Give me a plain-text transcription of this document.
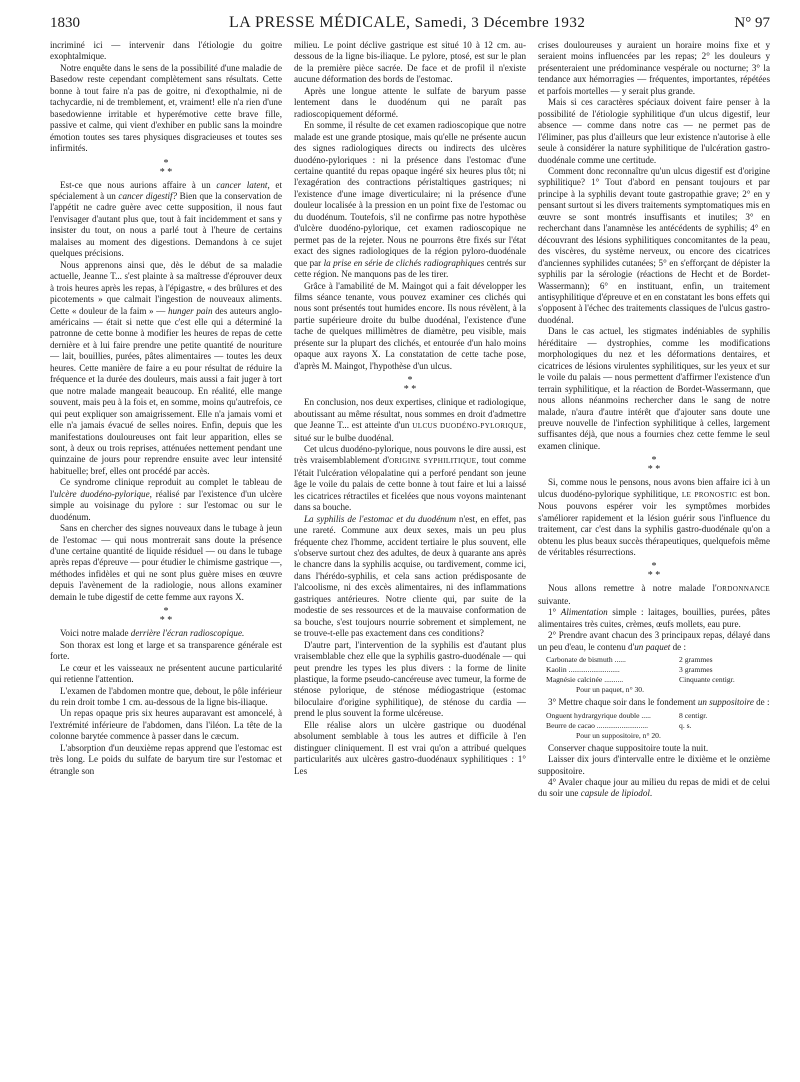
1830	LA PRESSE MÉDICALE, Samedi, 3 Décembre 1932	N° 97

incriminé ici — intervenir dans l'étiologie du goitre exophtalmique.

Notre enquête dans le sens de la possibilité d'une maladie de Basedow reste cependant complètement sans résultats. Cette bonne à tout faire n'a pas de goitre, ni d'exopthalmie, ni de tachycardie, ni de tremblement, et, vraiment! elle n'a rien d'une basedowienne irritable et hyperémotive cette brave fille, passive et calme, qui vient d'exhiber en public sans la moindre émotion toutes ses tares physiques disgracieuses et toutes ses infirmités.

*
* *

Est-ce que nous aurions affaire à un cancer latent, et spécialement à un cancer digestif? Bien que la conservation de l'appétit ne cadre guère avec cette supposition, il nous faut l'envisager d'autant plus que, tout à fait incidemment et sans y insister du tout, on nous a parlé tout à l'heure de certains malaises au moment des digestions. Demandons à ce sujet quelques précisions.

Nous apprenons ainsi que, dès le début de sa maladie actuelle, Jeanne T... s'est plainte à sa maîtresse d'éprouver deux à trois heures après les repas, à l'épigastre, « des brûlures et des picotements » que calmait l'ingestion de nouveaux aliments. Cette « douleur de la faim » — hunger pain des auteurs anglo-américains — était si nette que c'est elle qui a déterminé la patronne de cette bonne à modifier les heures de repas de cette dernière et à lui faire prendre une petite quantité de nouriture — lait, bouillies, purées, pâtes alimentaires — toutes les deux heures. Cette manière de faire a eu pour résultat de réduire la fréquence et la durée des douleurs, mais aussi a fait juger à tort que notre malade mangeait beaucoup. En réalité, elle mange souvent, mais peu à la fois et, en somme, moins qu'autrefois, ce qui peut expliquer son amaigrissement. Elle n'a jamais vomi et elle n'a jamais évacué de selles noires. Enfin, depuis que les manifestations douloureuses ont fait leur apparition, elles se sont, à deux ou trois reprises, atténuées nettement pendant une quinzaine de jours pour reprendre ensuite avec leur intensité habituelle; bref, elles ont procédé par accès.

Ce syndrome clinique reproduit au complet le tableau de l'ulcère duodéno-pylorique, réalisé par l'existence d'un ulcère simple au voisinage du pylore : sur l'estomac ou sur le duodénum.

Sans en chercher des signes nouveaux dans le tubage à jeun de l'estomac — qui nous montrerait sans doute la présence d'une certaine quantité de liquide résiduel — ou dans le tubage après repas d'épreuve — pour étudier le chimisme gastrique —, méthodes infidèles et qui ne sont plus guère mises en œuvre depuis l'avènement de la radiologie, nous allons examiner demain le tube digestif de cette femme aux rayons X.

*
* *

Voici notre malade derrière l'écran radioscopique.

Son thorax est long et large et sa transparence générale est forte.

Le cœur et les vaisseaux ne présentent aucune particularité qui retienne l'attention.

L'examen de l'abdomen montre que, debout, le pôle inférieur du rein droit tombe 1 cm. au-dessous de la ligne bis-iliaque.

Un repas opaque pris six heures auparavant est amoncelé, à l'extrémité inférieure de l'abdomen, dans l'iléon. La tête de la colonne barytée commence à passer dans le cæcum.

L'absorption d'un deuxième repas apprend que l'estomac est très long. Le poids du sulfate de baryum tire sur l'estomac et étrangle son

milieu. Le point déclive gastrique est situé 10 à 12 cm. au-dessous de la ligne bis-iliaque. Le pylore, ptosé, est sur le plan de la première pièce sacrée. De face et de profil il n'existe aucune déformation des bords de l'estomac.

Après une longue attente le sulfate de baryum passe lentement dans le duodénum qui ne paraît pas radioscopiquement déformé.

En somme, il résulte de cet examen radioscopique que notre malade est une grande ptosique, mais qu'elle ne présente aucun des signes radiologiques directs ou indirects des ulcères duodéno-pyloriques : ni la présence dans l'estomac d'une certaine quantité du repas opaque ingéré six heures plus tôt; ni l'exagération des contractions péristaltiques gastriques; ni l'existence d'une image diverticulaire; ni la présence d'une douleur localisée à la pression en un point fixe de l'estomac ou du duodénum. Toutefois, s'il ne confirme pas notre hypothèse d'ulcère duodéno-pylorique, cet examen radioscopique ne permet pas de la rejeter. Nous ne pourrons être fixés sur l'état exact des signes radiologiques de la région pyloro-duodénale que par la prise en série de clichés radiographiques centrés sur cette région. Ne manquons pas de les tirer.

Grâce à l'amabilité de M. Maingot qui a fait développer les films séance tenante, vous pouvez examiner ces clichés qui nous sont présentés tout humides encore. Ils nous révèlent, à la partie supérieure droite du bulbe duodénal, l'existence d'une tache de quelques millimètres de diamètre, peu visible, mais présente sur la plupart des clichés, et entourée d'un halo moins opaque aux rayons X. La constatation de cette tache pose, d'après M. Maingot, l'hypothèse d'un ulcus.

*
* *

En conclusion, nos deux expertises, clinique et radiologique, aboutissant au même résultat, nous sommes en droit d'admettre que Jeanne T... est atteinte d'un ULCUS DUODÉNO-PYLORIQUE, situé sur le bulbe duodénal.

Cet ulcus duodéno-pylorique, nous pouvons le dire aussi, est très vraisemblablement d'ORIGINE SYPHILITIQUE, tout comme l'était l'ulcération vélopalatine qui a perforé pendant son jeune âge le voile du palais de cette bonne à tout faire et lui a laissé les cicatrices rétractiles et ficelées que nous voyons maintenant dans sa bouche.

La syphilis de l'estomac et du duodénum n'est, en effet, pas une rareté. Commune aux deux sexes, mais un peu plus fréquente chez l'homme, accident tertiaire le plus souvent, elle s'observe surtout chez des adultes, de deux à quarante ans après le chancre dans la syphilis acquise, ou tardivement, comme ici, dans l'hérédo-syphilis, et cela sans action prédisposante de l'alcoolisme, ni des excès alimentaires, ni des inflammations gastriques antérieures. Notre cliente qui, par suite de la modestie de ses ressources et de la mauvaise conformation de sa bouche, s'est toujours nourrie sobrement et simplement, ne se trouve-t-elle pas exactement dans ces conditions?

D'autre part, l'intervention de la syphilis est d'autant plus vraisemblable chez elle que la syphilis gastro-duodénale — qui peut prendre les types les plus divers : la forme de linite plastique, la forme pseudo-cancéreuse avec tumeur, la forme de sténose pylorique, de sténose médiogastrique (estomac biloculaire d'origine syphilitique), de sténose du cardia — prend le plus souvent la forme ulcéreuse.

Elle réalise alors un ulcère gastrique ou duodénal absolument semblable à tous les autres et difficile à l'en distinguer cliniquement. Il est vrai qu'on a attribué quelques particularités aux ulcères gastro-duodénaux syphilitiques : 1° Les

crises douloureuses y auraient un horaire moins fixe et y seraient moins influencées par les repas; 2° les douleurs y présenteraient une prédominance vespérale ou nocturne; 3° la tendance aux hémorragies — fréquentes, importantes, répétées et parfois mortelles — y serait plus grande.

Mais si ces caractères spéciaux doivent faire penser à la possibilité de l'étiologie syphilitique d'un ulcus digestif, leur absence — comme dans notre cas — ne permet pas de l'éliminer, pas plus d'ailleurs que leur existence n'autorise à elle seule à considérer la nature syphilitique de l'ulcération gastro-duodénale comme une certitude.

Comment donc reconnaître qu'un ulcus digestif est d'origine syphilitique? 1° Tout d'abord en pensant toujours et par principe à la syphilis devant toute gastropathie grave; 2° en y pensant surtout si les divers traitements symptomatiques mis en œuvre se sont montrés insuffisants et inutiles; 3° en recherchant dans l'anamnèse les antécédents de syphilis; 4° en découvrant des lésions syphilitiques concomitantes de la peau, des viscères, du système nerveux, ou encore des cicatrices d'anciennes syphilides cutanées; 5° en s'efforçant de dépister la syphilis par la sérologie (réactions de Hecht et de Bordet-Wassermann); 6° en instituant, enfin, un traitement antisyphilitique d'épreuve et en en constatant les bons effets qui s'opposent à l'échec des traitements classiques de l'ulcus gastro-duodénal.

Dans le cas actuel, les stigmates indéniables de syphilis héréditaire — dystrophies, comme les modifications morphologiques du nez et les déformations dentaires, et cicatrices de lésions virulentes syphilitiques, sur les yeux et sur le voile du palais — nous permettent d'affirmer l'existence d'un terrain syphilitique, et la réaction de Bordet-Wassermann, que nous allons néanmoins rechercher dans le sang de notre malade, n'aura d'autre intérêt que d'ajouter sans doute une preuve nouvelle de l'infection syphilitique à celles, largement suffisantes déjà, que nous a fournies chez cette femme le seul examen clinique.

*
* *

Si, comme nous le pensons, nous avons bien affaire ici à un ulcus duodéno-pylorique syphilitique, LE PRONOSTIC est bon. Nous pouvons espérer voir les symptômes morbides s'améliorer rapidement et la lésion guérir sous l'influence du traitement, car c'est dans la syphilis gastro-duodénale qu'on a obtenu les plus beaux succès thérapeutiques, quelquefois même de véritables résurrections.

*
* *

Nous allons remettre à notre malade l'ORDONNANCE suivante.

1° Alimentation simple : laitages, bouillies, purées, pâtes alimentaires très cuites, crèmes, œufs mollets, eau pure.

2° Prendre avant chacun des 3 principaux repas, délayé dans un peu d'eau, le contenu d'un paquet de :

Carbonate de bismuth ......	2 grammes
Kaolin ...........................	3 grammes
Magnésie calcinée ..........	Cinquante centigr.
Pour un paquet, n° 30.

3° Mettre chaque soir dans le fondement un suppositoire de :

Onguent hydrargyrique double .....	8 centigr.
Beurre de cacao ...........................	q. s.
Pour un suppositoire, n° 20.

Conserver chaque suppositoire toute la nuit.

Laisser dix jours d'intervalle entre le dixième et le onzième suppositoire.

4° Avaler chaque jour au milieu du repas de midi et de celui du soir une capsule de lipiodol.
